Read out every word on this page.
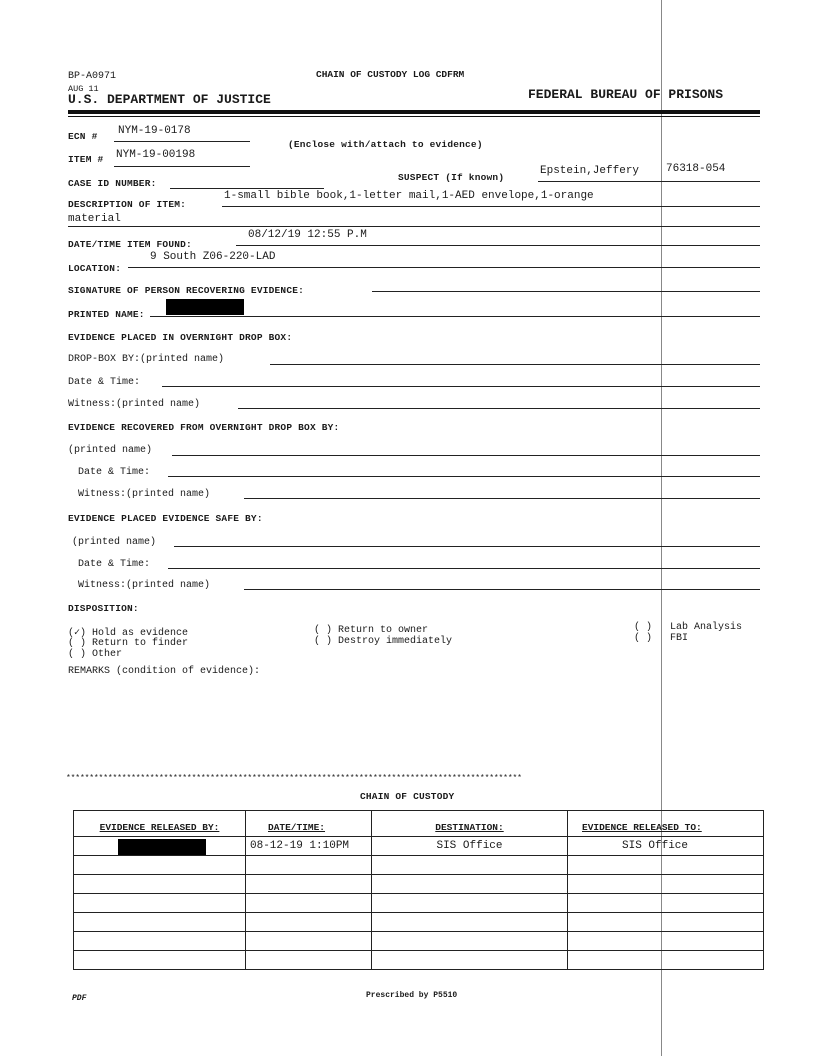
BP-A0971	CHAIN OF CUSTODY LOG CDFRM
AUG 11
U.S. DEPARTMENT OF JUSTICE	FEDERAL BUREAU OF PRISONS
ECN # NYM-19-0178
(Enclose with/attach to evidence)
ITEM # NYM-19-00198
CASE ID NUMBER:
SUSPECT (If known)
Epstein,Jeffery 76318-054
DESCRIPTION OF ITEM:
1-small bible book,1-letter mail,1-AED envelope,1-orange
material
DATE/TIME ITEM FOUND:
08/12/19 12:55 P.M
LOCATION:
9 South Z06-220-LAD
SIGNATURE OF PERSON RECOVERING EVIDENCE:
PRINTED NAME:
EVIDENCE PLACED IN OVERNIGHT DROP BOX:
DROP-BOX BY:(printed name)
Date & Time:
Witness:(printed name)
EVIDENCE RECOVERED FROM OVERNIGHT DROP BOX BY:
(printed name)
Date & Time:
Witness:(printed name)
EVIDENCE PLACED EVIDENCE SAFE BY:
(printed name)
Date & Time:
Witness:(printed name)
DISPOSITION:
(✓) Hold as evidence
( ) Return to finder
( ) Other
( ) Return to owner
( ) Destroy immediately
( )
( )
Lab Analysis
FBI
REMARKS (condition of evidence):
**************************************************************************************************
CHAIN OF CUSTODY
EVIDENCE RELEASED BY:	DATE/TIME:	DESTINATION:	EVIDENCE RELEASED TO:

	08-12-19 1:10PM	SIS Office	SIS Office

PDF	Prescribed by P5510
